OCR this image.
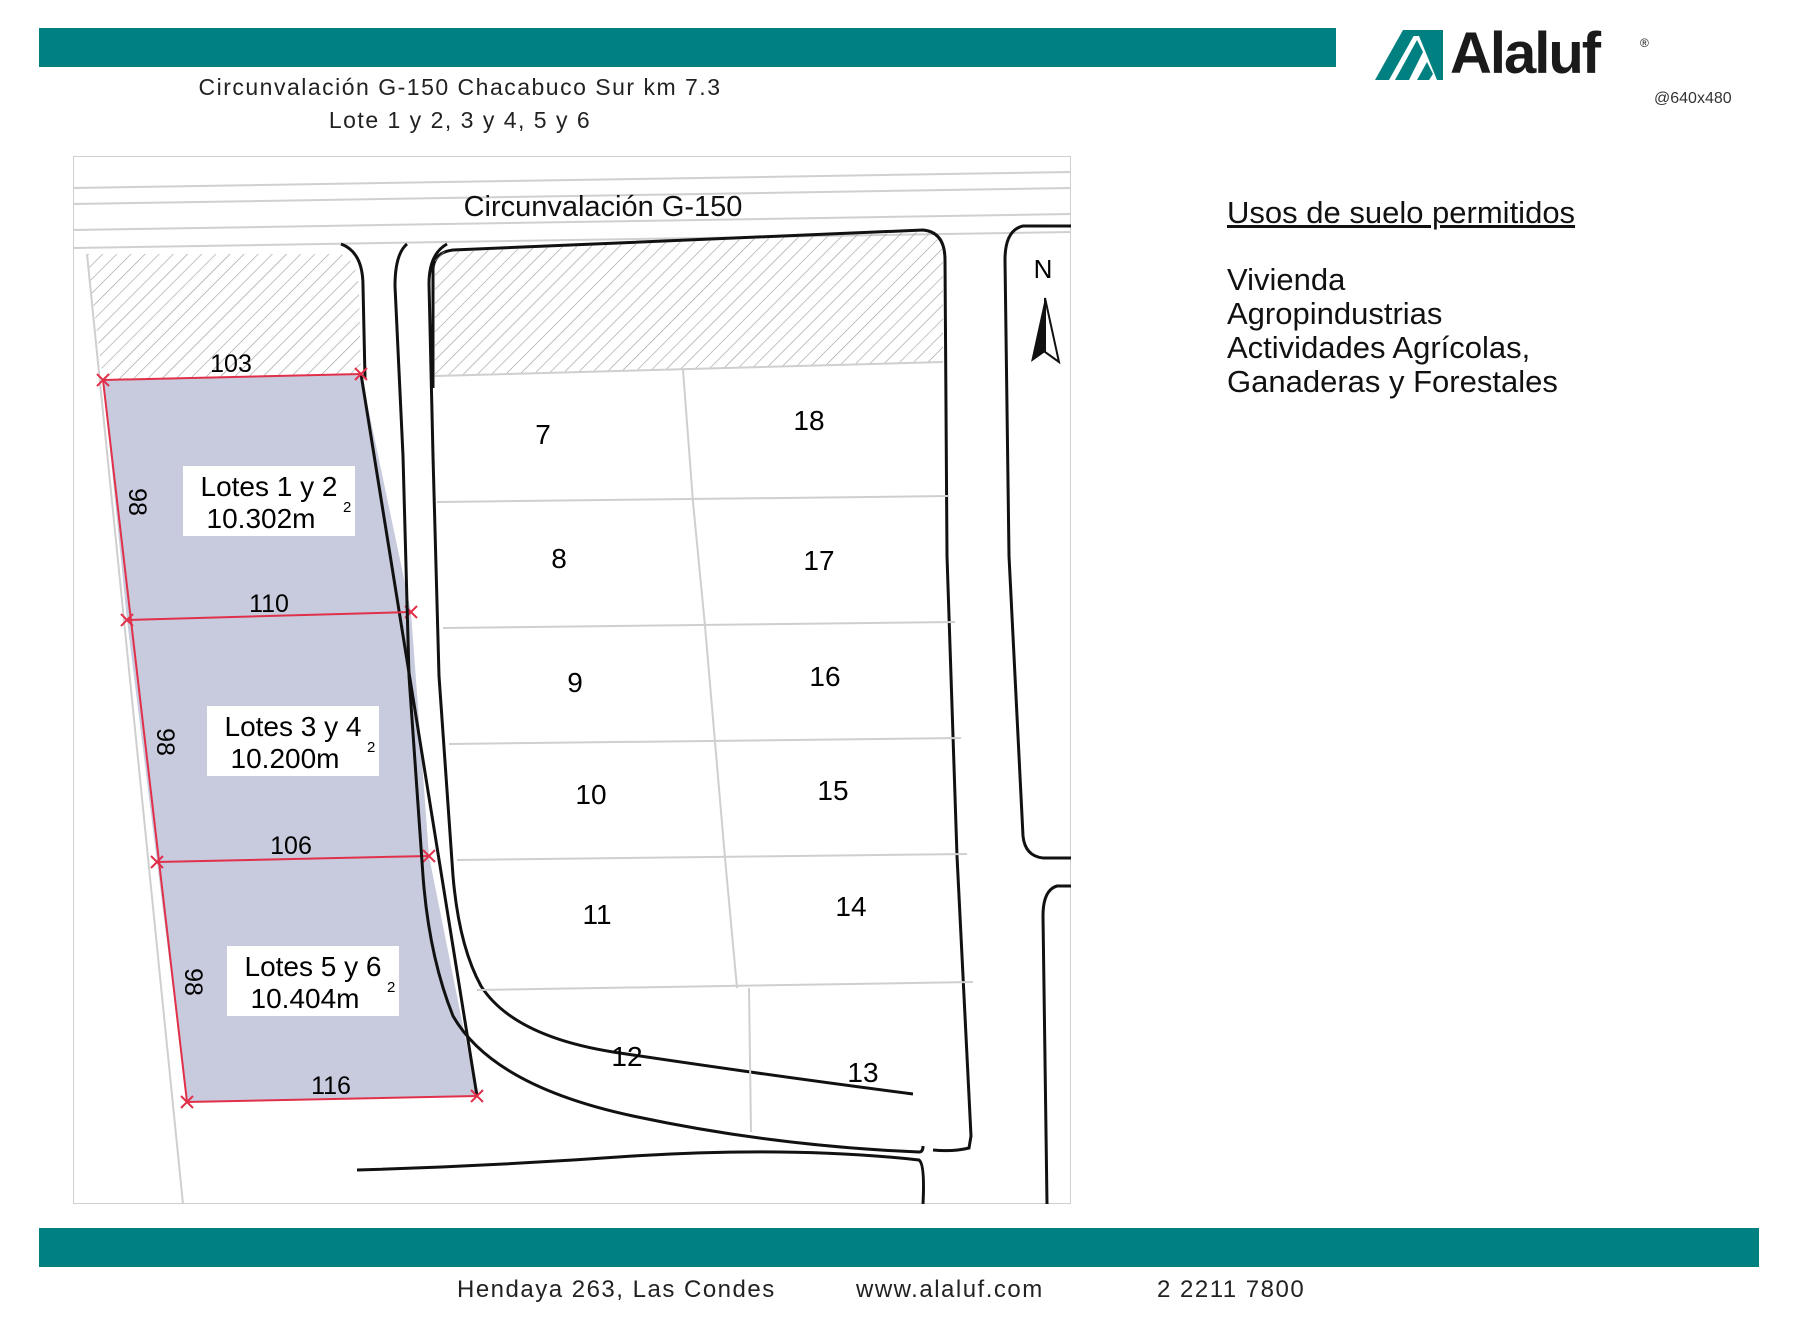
Alaluf	®
@640x480
Circunvalación G-150 Chacabuco Sur km 7.3
Lote 1 y 2, 3 y 4, 5 y 6
Circunvalación G-150
103
110
106
116
98
98
98
Lotes 1 y 2
10.302m 2
Lotes 3 y 4
10.200m 2
Lotes 5 y 6
10.404m 2
7
8
9
10
11
12
18
17
16
15
14
13
N
Usos de suelo permitidos
Vivienda
Agropindustrias
Actividades Agrícolas,
Ganaderas y Forestales
Hendaya 263, Las Condes	www.alaluf.com	2 2211 7800
